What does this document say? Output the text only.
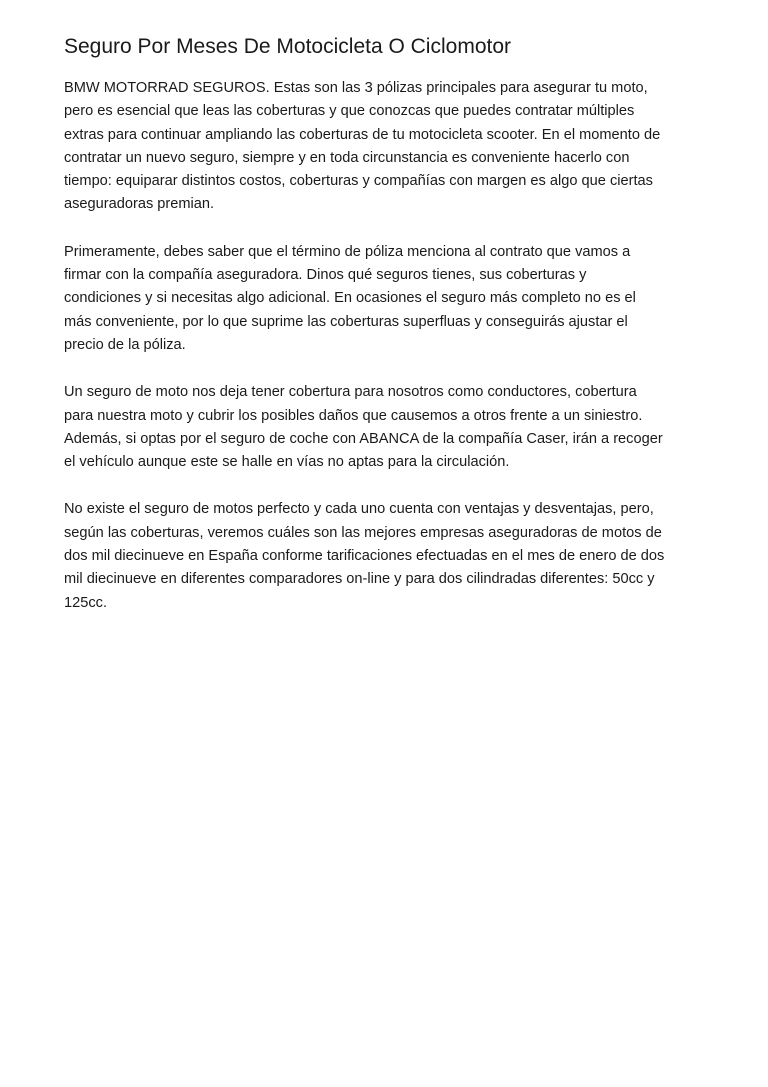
Seguro Por Meses De Motocicleta O Ciclomotor
BMW MOTORRAD SEGUROS. Estas son las 3 pólizas principales para asegurar tu moto,
pero es esencial que leas las coberturas y que conozcas que puedes contratar múltiples
extras para continuar ampliando las coberturas de tu motocicleta scooter. En el momento de
contratar un nuevo seguro, siempre y en toda circunstancia es conveniente hacerlo con
tiempo: equiparar distintos costos, coberturas y compañías con margen es algo que ciertas
aseguradoras premian.
Primeramente, debes saber que el término de póliza menciona al contrato que vamos a
firmar con la compañía aseguradora. Dinos qué seguros tienes, sus coberturas y
condiciones y si necesitas algo adicional. En ocasiones el seguro más completo no es el
más conveniente, por lo que suprime las coberturas superfluas y conseguirás ajustar el
precio de la póliza.
Un seguro de moto nos deja tener cobertura para nosotros como conductores, cobertura
para nuestra moto y cubrir los posibles daños que causemos a otros frente a un siniestro.
Además, si optas por el seguro de coche con ABANCA de la compañía Caser, irán a recoger
el vehículo aunque este se halle en vías no aptas para la circulación.
No existe el seguro de motos perfecto y cada uno cuenta con ventajas y desventajas, pero,
según las coberturas, veremos cuáles son las mejores empresas aseguradoras de motos de
dos mil diecinueve en España conforme tarificaciones efectuadas en el mes de enero de dos
mil diecinueve en diferentes comparadores on-line y para dos cilindradas diferentes: 50cc y
125cc.
